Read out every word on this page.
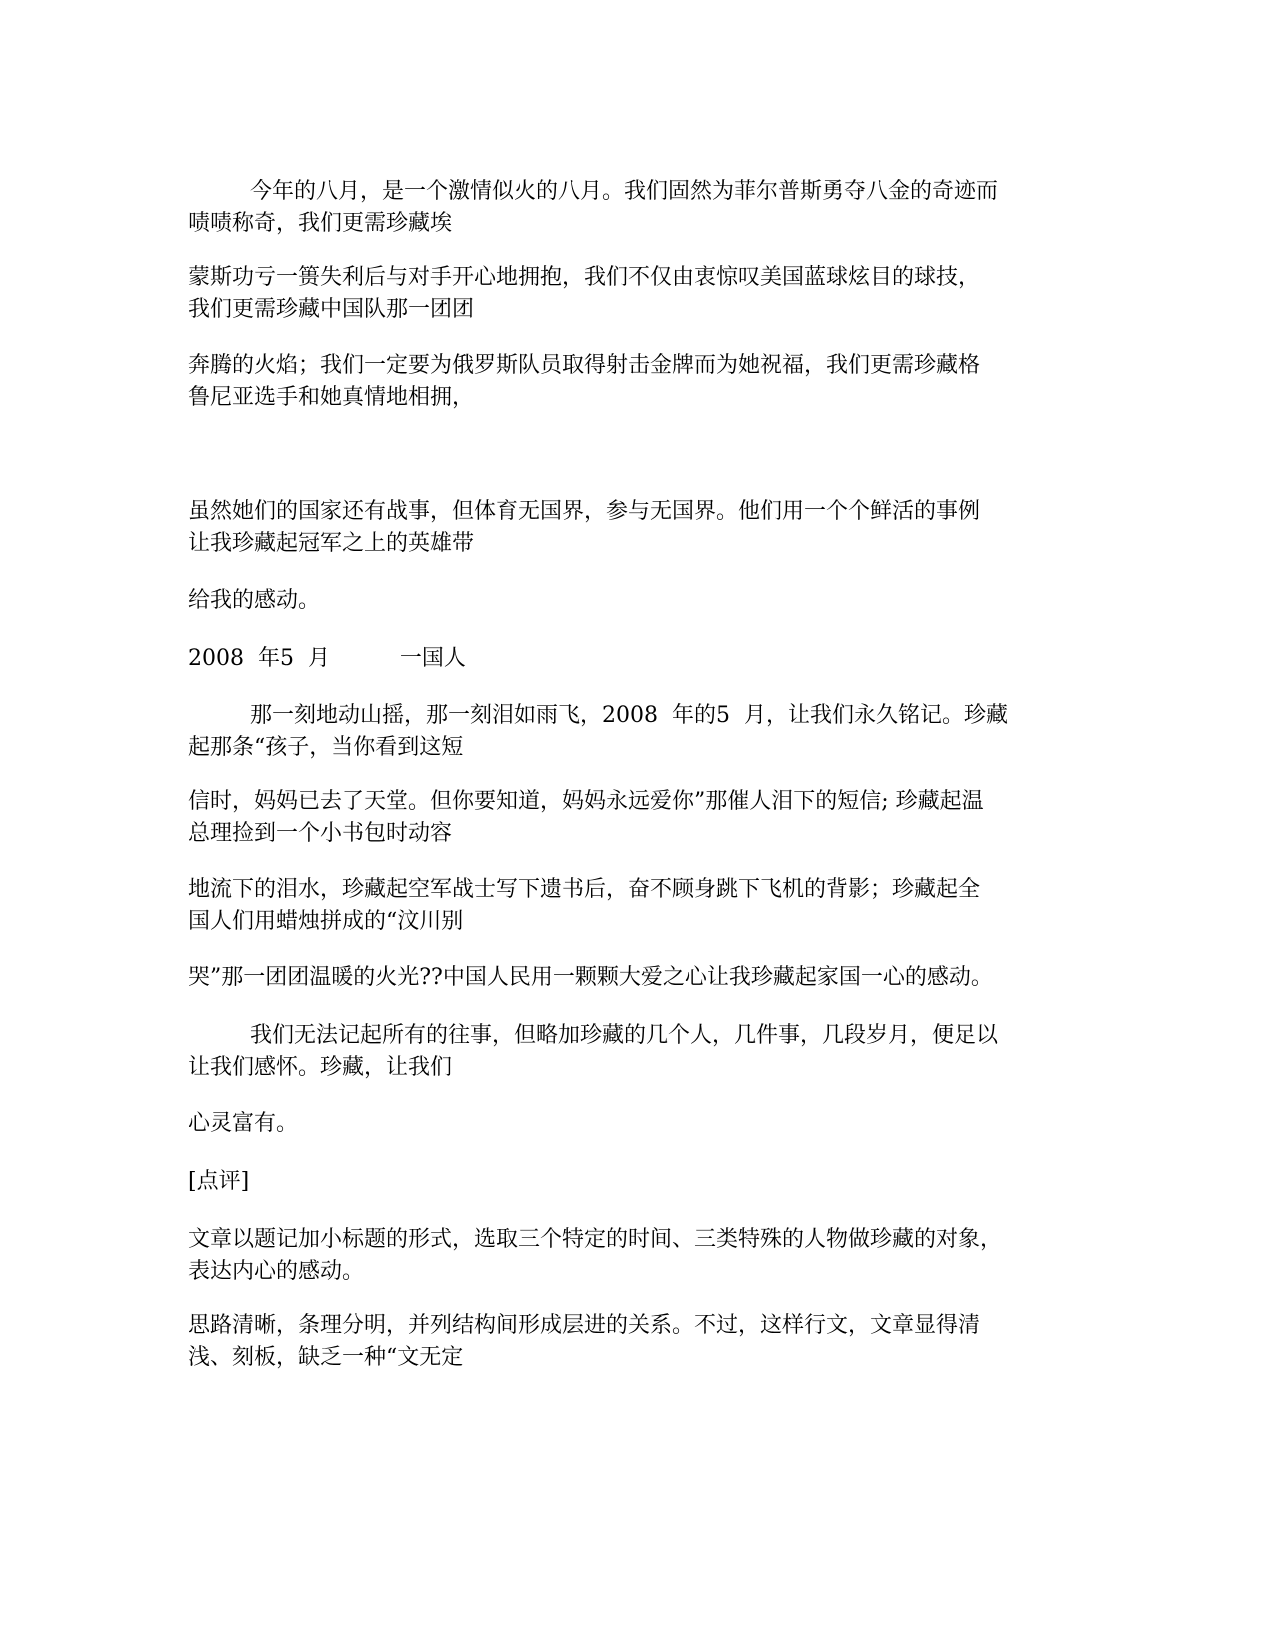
今年的八月，是一个激情似火的八月。我们固然为菲尔普斯勇夺八金的奇迹而
啧啧称奇，我们更需珍藏埃

蒙斯功亏一篑失利后与对手开心地拥抱，我们不仅由衷惊叹美国蓝球炫目的球技，
我们更需珍藏中国队那一团团

奔腾的火焰；我们一定要为俄罗斯队员取得射击金牌而为她祝福，我们更需珍藏格
鲁尼亚选手和她真情地相拥，

虽然她们的国家还有战事，但体育无国界，参与无国界。他们用一个个鲜活的事例
让我珍藏起冠军之上的英雄带

给我的感动。

2008  年5  月          一国人

那一刻地动山摇，那一刻泪如雨飞，2008  年的5  月，让我们永久铭记。珍藏
起那条“孩子，当你看到这短

信时，妈妈已去了天堂。但你要知道，妈妈永远爱你”那催人泪下的短信; 珍藏起温
总理捡到一个小书包时动容

地流下的泪水，珍藏起空军战士写下遗书后，奋不顾身跳下飞机的背影；珍藏起全
国人们用蜡烛拼成的“汶川别

哭”那一团团温暖的火光??中国人民用一颗颗大爱之心让我珍藏起家国一心的感动。

我们无法记起所有的往事，但略加珍藏的几个人，几件事，几段岁月，便足以
让我们感怀。珍藏，让我们

心灵富有。

[点评]

文章以题记加小标题的形式，选取三个特定的时间、三类特殊的人物做珍藏的对象，
表达内心的感动。

思路清晰，条理分明，并列结构间形成层进的关系。不过，这样行文，文章显得清
浅、刻板，缺乏一种“文无定
